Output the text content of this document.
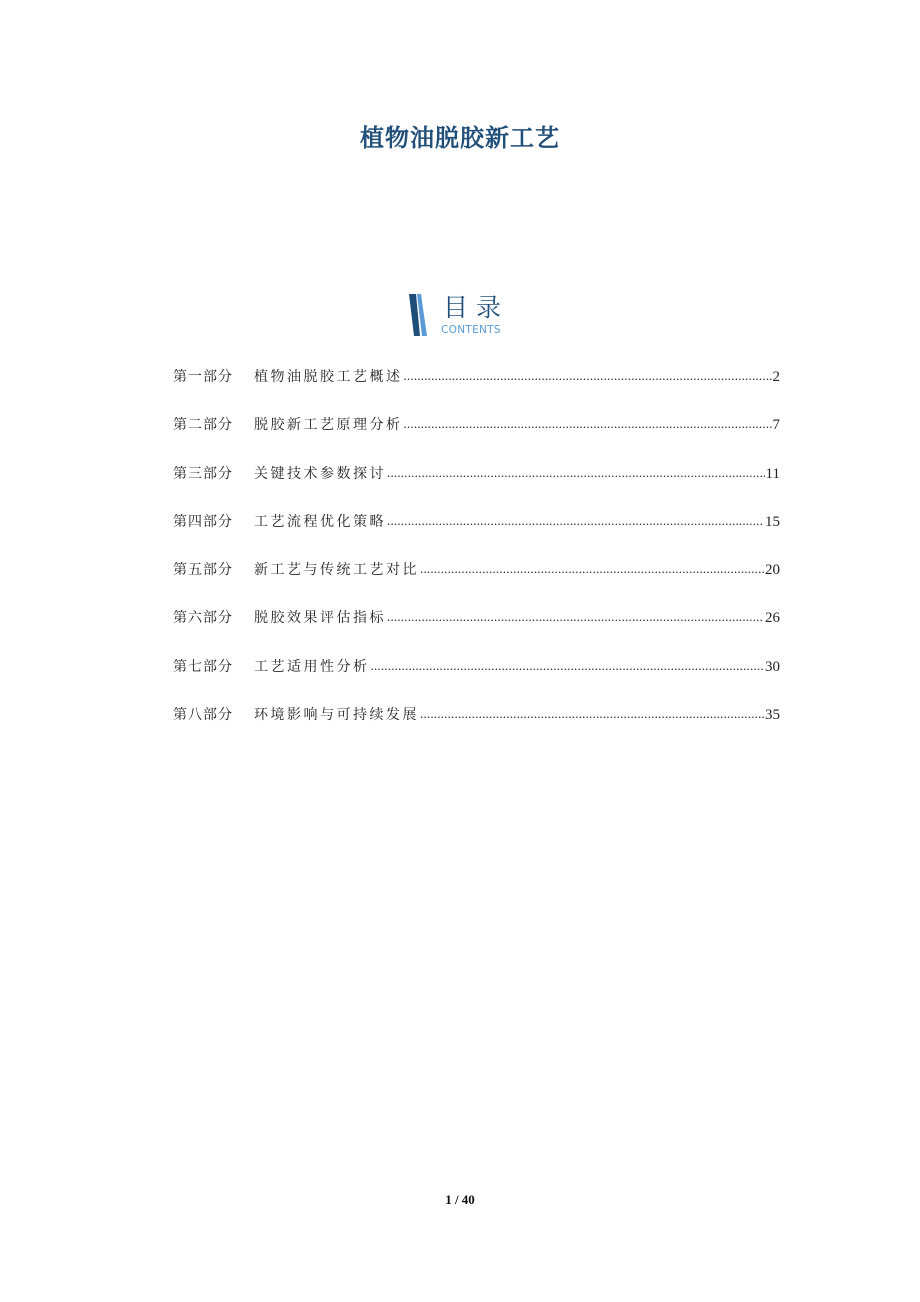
植物油脱胶新工艺
目录
CONTENTS
第一部分	植物油脱胶工艺概述 .....	2
第二部分	脱胶新工艺原理分析 .....	7
第三部分	关键技术参数探讨 .....	11
第四部分	工艺流程优化策略 .....	15
第五部分	新工艺与传统工艺对比 .....	20
第六部分	脱胶效果评估指标 .....	26
第七部分	工艺适用性分析 .....	30
第八部分	环境影响与可持续发展 .....	35
1 / 40
